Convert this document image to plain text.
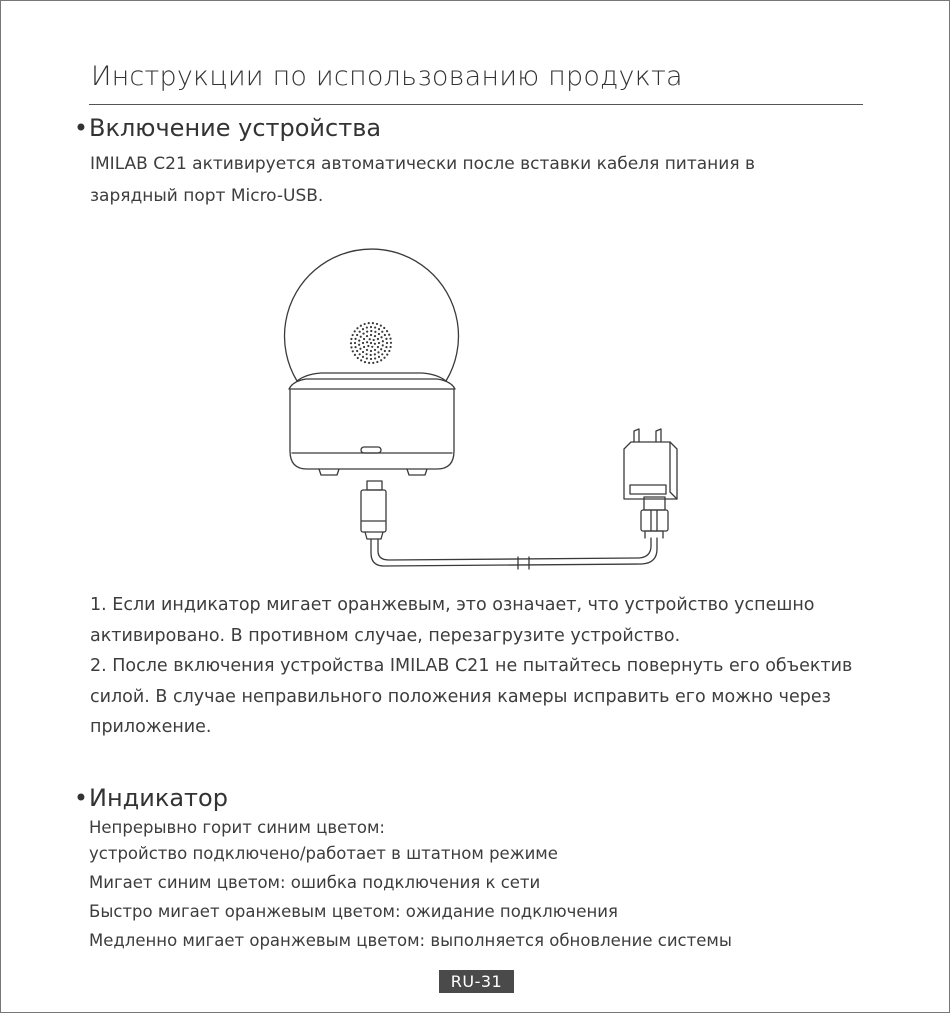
Инструкции по использованию продукта
•Включение устройства
IMILAB C21 активируется автоматически после вставки кабеля питания в
зарядный порт Micro-USB.
1. Если индикатор мигает оранжевым, это означает, что устройство успешно
активировано. В противном случае, перезагрузите устройство.
2. После включения устройства IMILAB C21 не пытайтесь повернуть его объектив
силой. В случае неправильного положения камеры исправить его можно через
приложение.
•Индикатор
Непрерывно горит синим цветом:
устройство подключено/работает в штатном режиме
Мигает синим цветом: ошибка подключения к сети
Быстро мигает оранжевым цветом: ожидание подключения
Медленно мигает оранжевым цветом: выполняется обновление системы
RU-31
